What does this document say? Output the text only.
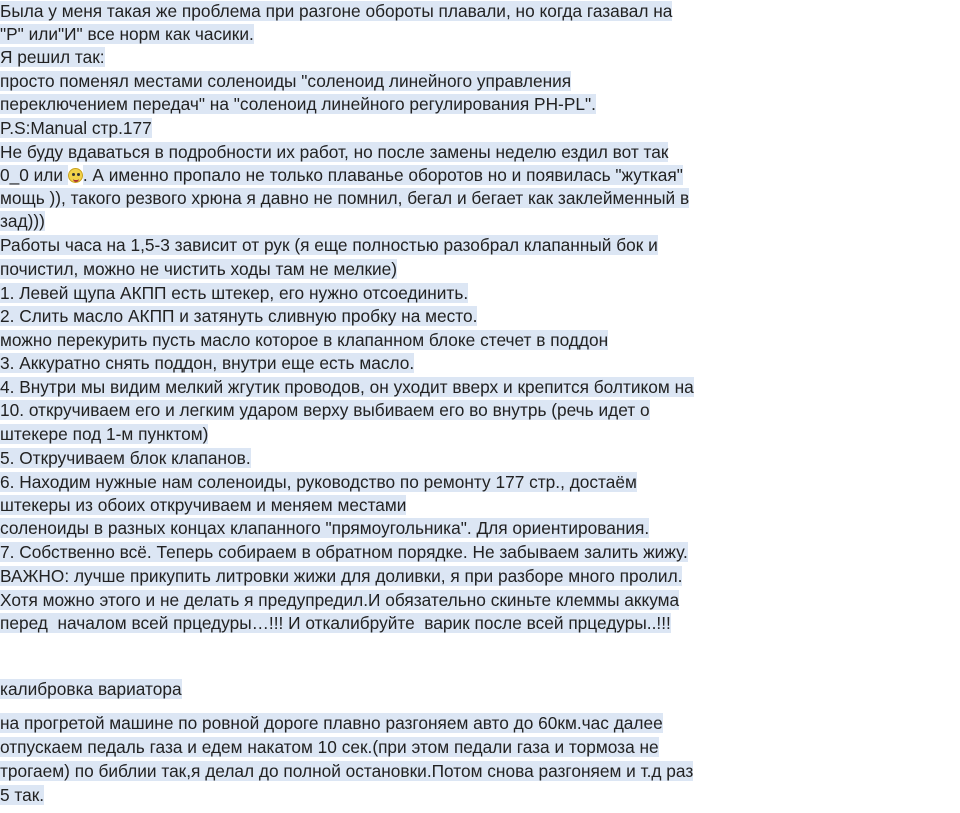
Была у меня такая же проблема при разгоне обороты плавали, но когда газавал на
"P" или"И" все норм как часики.
Я решил так:
просто поменял местами соленоиды "соленоид линейного управления
переключением передач" на "соленоид линейного регулирования PH-PL".
P.S:Manual стр.177
Не буду вдаваться в подробности их работ, но после замены неделю ездил вот так
0_0 или . А именно пропало не только плаванье оборотов но и появилась "жуткая"
мощь )), такого резвого хрюна я давно не помнил, бегал и бегает как заклейменный в
зад)))
Работы часа на 1,5-3 зависит от рук (я еще полностью разобрал клапанный бок и
почистил, можно не чистить ходы там не мелкие)
1. Левей щупа АКПП есть штекер, его нужно отсоединить.
2. Слить масло АКПП и затянуть сливную пробку на место.
можно перекурить пусть масло которое в клапанном блоке стечет в поддон
3. Аккуратно снять поддон, внутри еще есть масло.
4. Внутри мы видим мелкий жгутик проводов, он уходит вверх и крепится болтиком на
10. откручиваем его и легким ударом верху выбиваем его во внутрь (речь идет о
штекере под 1-м пунктом)
5. Откручиваем блок клапанов.
6. Находим нужные нам соленоиды, руководство по ремонту 177 стр., достаём
штекеры из обоих откручиваем и меняем местами
соленоиды в разных концах клапанного "прямоугольника". Для ориентирования.
7. Собственно всё. Теперь собираем в обратном порядке. Не забываем залить жижу.
ВАЖНО: лучше прикупить литровки жижи для доливки, я при разборе много пролил.
Хотя можно этого и не делать я предупредил.И обязательно скиньте клеммы аккума
перед  началом всей прцедуры…!!! И откалибруйте  варик после всей прцедуры..!!!
калибровка вариатора
на прогретой машине по ровной дороге плавно разгоняем авто до 60км.час далее
отпускаем педаль газа и едем накатом 10 сек.(при этом педали газа и тормоза не
трогаем) по библии так,я делал до полной остановки.Потом снова разгоняем и т.д раз
5 так.
